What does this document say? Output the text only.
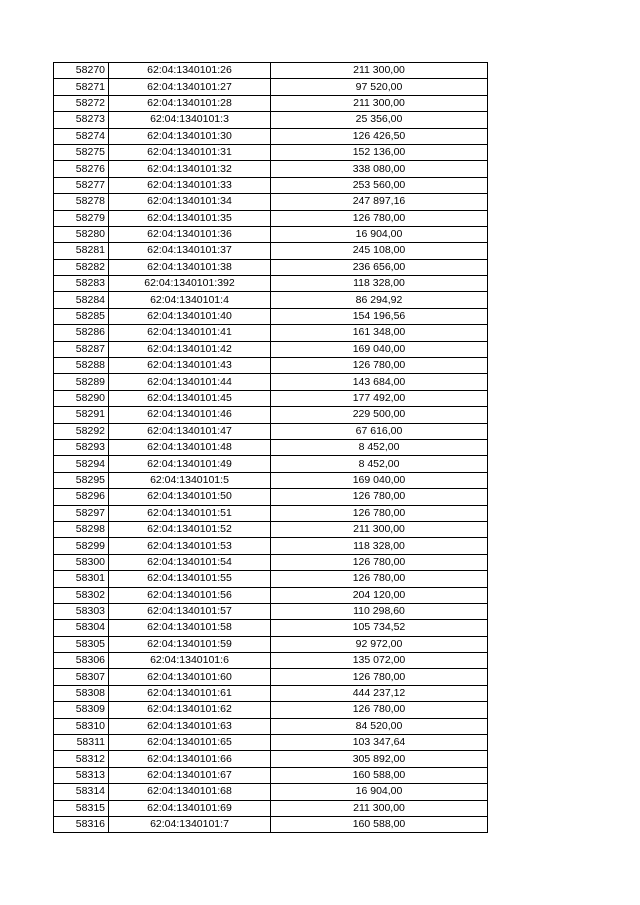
58270	62:04:1340101:26	211 300,00
58271	62:04:1340101:27	97 520,00
58272	62:04:1340101:28	211 300,00
58273	62:04:1340101:3	25 356,00
58274	62:04:1340101:30	126 426,50
58275	62:04:1340101:31	152 136,00
58276	62:04:1340101:32	338 080,00
58277	62:04:1340101:33	253 560,00
58278	62:04:1340101:34	247 897,16
58279	62:04:1340101:35	126 780,00
58280	62:04:1340101:36	16 904,00
58281	62:04:1340101:37	245 108,00
58282	62:04:1340101:38	236 656,00
58283	62:04:1340101:392	118 328,00
58284	62:04:1340101:4	86 294,92
58285	62:04:1340101:40	154 196,56
58286	62:04:1340101:41	161 348,00
58287	62:04:1340101:42	169 040,00
58288	62:04:1340101:43	126 780,00
58289	62:04:1340101:44	143 684,00
58290	62:04:1340101:45	177 492,00
58291	62:04:1340101:46	229 500,00
58292	62:04:1340101:47	67 616,00
58293	62:04:1340101:48	8 452,00
58294	62:04:1340101:49	8 452,00
58295	62:04:1340101:5	169 040,00
58296	62:04:1340101:50	126 780,00
58297	62:04:1340101:51	126 780,00
58298	62:04:1340101:52	211 300,00
58299	62:04:1340101:53	118 328,00
58300	62:04:1340101:54	126 780,00
58301	62:04:1340101:55	126 780,00
58302	62:04:1340101:56	204 120,00
58303	62:04:1340101:57	110 298,60
58304	62:04:1340101:58	105 734,52
58305	62:04:1340101:59	92 972,00
58306	62:04:1340101:6	135 072,00
58307	62:04:1340101:60	126 780,00
58308	62:04:1340101:61	444 237,12
58309	62:04:1340101:62	126 780,00
58310	62:04:1340101:63	84 520,00
58311	62:04:1340101:65	103 347,64
58312	62:04:1340101:66	305 892,00
58313	62:04:1340101:67	160 588,00
58314	62:04:1340101:68	16 904,00
58315	62:04:1340101:69	211 300,00
58316	62:04:1340101:7	160 588,00
